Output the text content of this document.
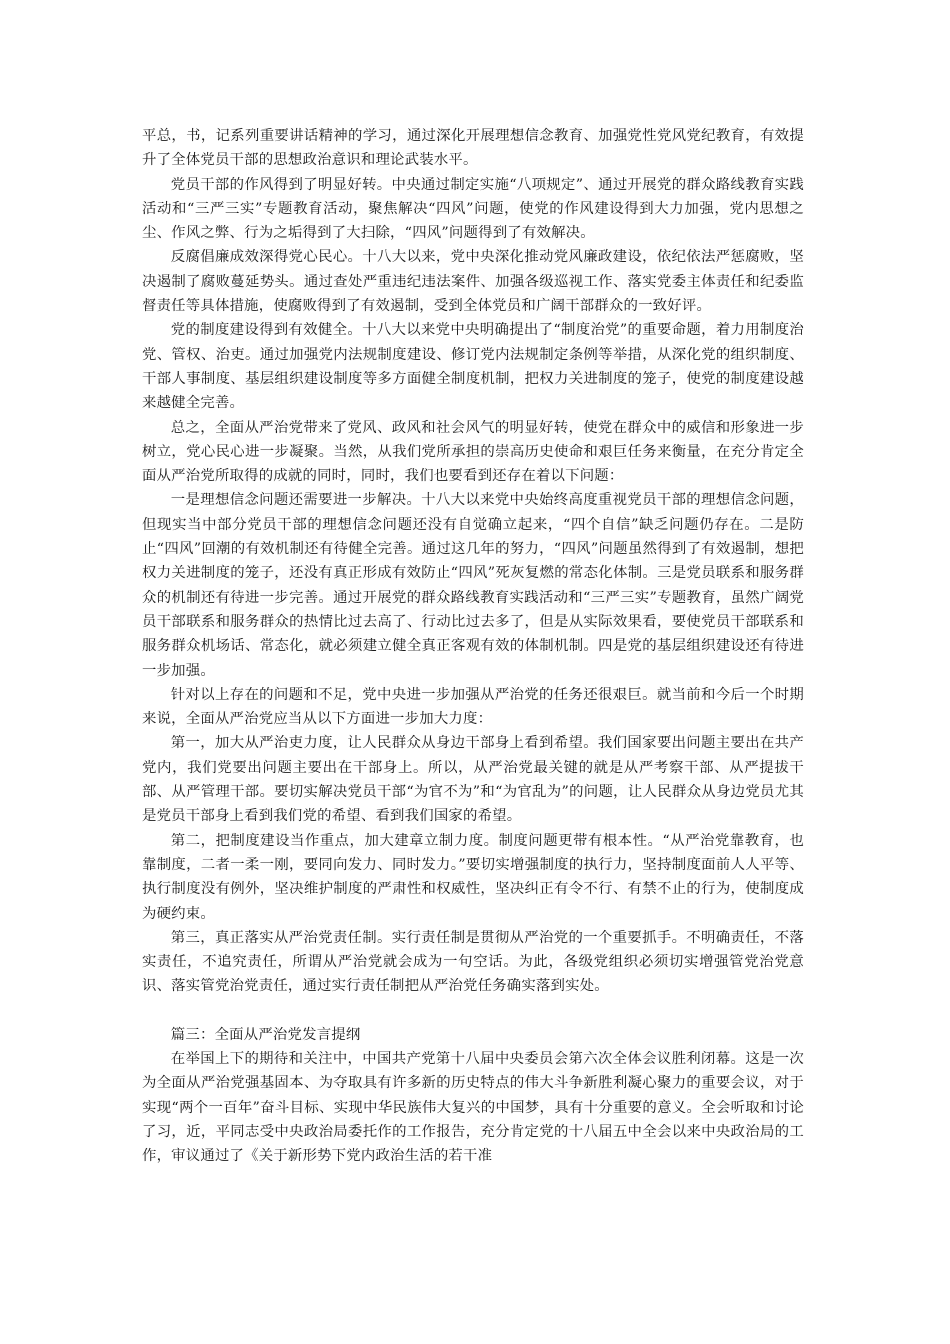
平总，书，记系列重要讲话精神的学习，通过深化开展理想信念教育、加强党性党风党纪教育，有效提升了全体党员干部的思想政治意识和理论武装水平。

党员干部的作风得到了明显好转。中央通过制定实施“八项规定”、通过开展党的群众路线教育实践活动和“三严三实”专题教育活动，聚焦解决“四风”问题，使党的作风建设得到大力加强，党内思想之尘、作风之弊、行为之垢得到了大扫除，“四风”问题得到了有效解决。

反腐倡廉成效深得党心民心。十八大以来，党中央深化推动党风廉政建设，依纪依法严惩腐败，坚决遏制了腐败蔓延势头。通过查处严重违纪违法案件、加强各级巡视工作、落实党委主体责任和纪委监督责任等具体措施，使腐败得到了有效遏制，受到全体党员和广阔干部群众的一致好评。

党的制度建设得到有效健全。十八大以来党中央明确提出了“制度治党”的重要命题，着力用制度治党、管权、治吏。通过加强党内法规制度建设、修订党内法规制定条例等举措，从深化党的组织制度、干部人事制度、基层组织建设制度等多方面健全制度机制，把权力关进制度的笼子，使党的制度建设越来越健全完善。

总之，全面从严治党带来了党风、政风和社会风气的明显好转，使党在群众中的威信和形象进一步树立，党心民心进一步凝聚。当然，从我们党所承担的崇高历史使命和艰巨任务来衡量，在充分肯定全面从严治党所取得的成就的同时，同时，我们也要看到还存在着以下问题：

一是理想信念问题还需要进一步解决。十八大以来党中央始终高度重视党员干部的理想信念问题，但现实当中部分党员干部的理想信念问题还没有自觉确立起来，“四个自信”缺乏问题仍存在。二是防止“四风”回潮的有效机制还有待健全完善。通过这几年的努力，“四风”问题虽然得到了有效遏制，想把权力关进制度的笼子，还没有真正形成有效防止“四风”死灰复燃的常态化体制。三是党员联系和服务群众的机制还有待进一步完善。通过开展党的群众路线教育实践活动和“三严三实”专题教育，虽然广阔党员干部联系和服务群众的热情比过去高了、行动比过去多了，但是从实际效果看，要使党员干部联系和服务群众机场话、常态化，就必须建立健全真正客观有效的体制机制。四是党的基层组织建设还有待进一步加强。

针对以上存在的问题和不足，党中央进一步加强从严治党的任务还很艰巨。就当前和今后一个时期来说，全面从严治党应当从以下方面进一步加大力度：

第一，加大从严治吏力度，让人民群众从身边干部身上看到希望。我们国家要出问题主要出在共产党内，我们党要出问题主要出在干部身上。所以，从严治党最关键的就是从严考察干部、从严提拔干部、从严管理干部。要切实解决党员干部“为官不为”和“为官乱为”的问题，让人民群众从身边党员尤其是党员干部身上看到我们党的希望、看到我们国家的希望。

第二，把制度建设当作重点，加大建章立制力度。制度问题更带有根本性。“从严治党靠教育，也靠制度，二者一柔一刚，要同向发力、同时发力。”要切实增强制度的执行力，坚持制度面前人人平等、执行制度没有例外，坚决维护制度的严肃性和权威性，坚决纠正有令不行、有禁不止的行为，使制度成为硬约束。

第三，真正落实从严治党责任制。实行责任制是贯彻从严治党的一个重要抓手。不明确责任，不落实责任，不追究责任，所谓从严治党就会成为一句空话。为此，各级党组织必须切实增强管党治党意识、落实管党治党责任，通过实行责任制把从严治党任务确实落到实处。

篇三：全面从严治党发言提纲

在举国上下的期待和关注中，中国共产党第十八届中央委员会第六次全体会议胜利闭幕。这是一次为全面从严治党强基固本、为夺取具有许多新的历史特点的伟大斗争新胜利凝心聚力的重要会议，对于实现“两个一百年”奋斗目标、实现中华民族伟大复兴的中国梦，具有十分重要的意义。全会听取和讨论了习，近，平同志受中央政治局委托作的工作报告，充分肯定党的十八届五中全会以来中央政治局的工作，审议通过了《关于新形势下党内政治生活的若干准
